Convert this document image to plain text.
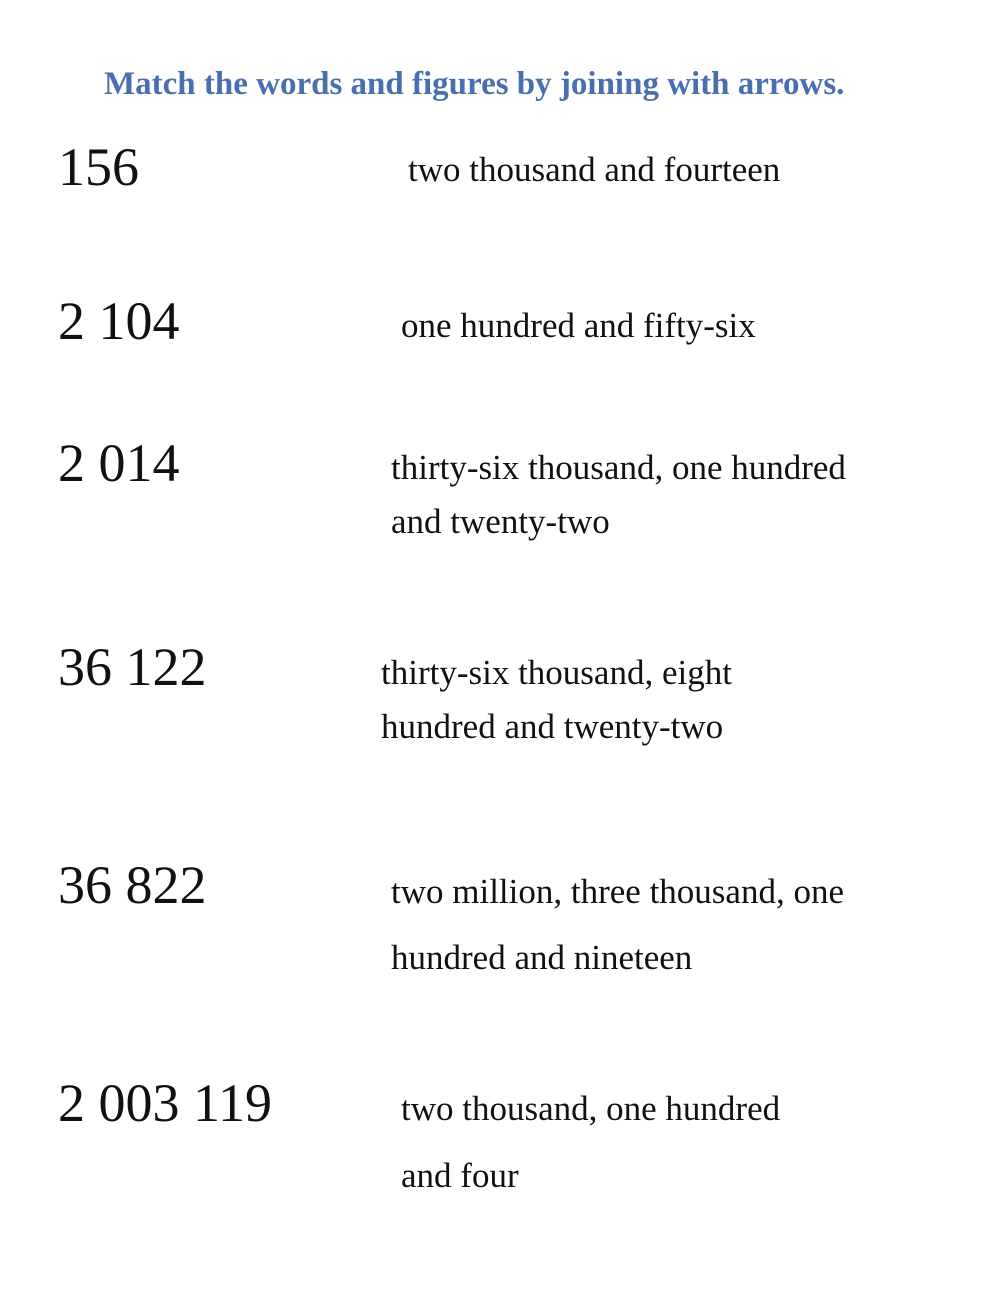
Match the words and figures by joining with arrows.
156
2 104
2 014
36 122
36 822
2 003 119
two thousand and fourteen
one hundred and fifty-six
thirty-six thousand, one hundred
and twenty-two
thirty-six thousand, eight
hundred and twenty-two
two million, three thousand, one
hundred and nineteen
two thousand, one hundred
and four
